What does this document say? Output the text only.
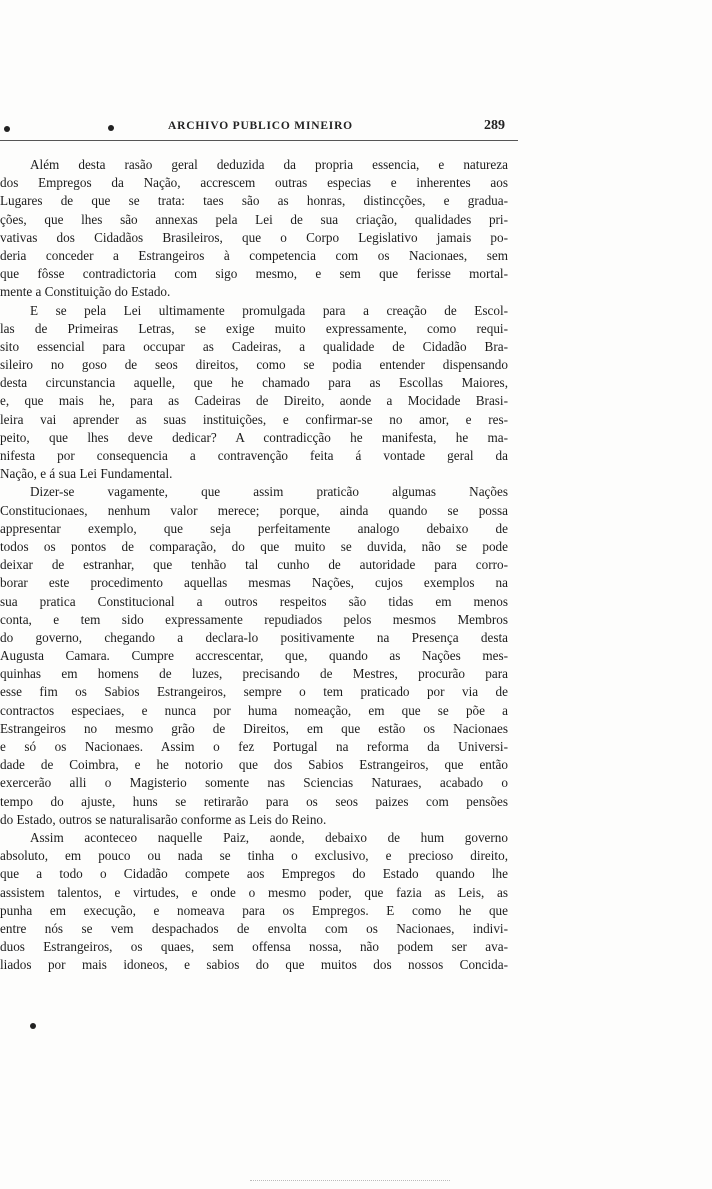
ARCHIVO PUBLICO MINEIRO	289
Além desta rasão geral deduzida da propria essencia, e natureza
dos Empregos da Nação, accrescem outras especias e inherentes aos
Lugares de que se trata: taes são as honras, distincções, e gradua-
ções, que lhes são annexas pela Lei de sua criação, qualidades pri-
vativas dos Cidadãos Brasileiros, que o Corpo Legislativo jamais po-
deria conceder a Estrangeiros à competencia com os Nacionaes, sem
que fôsse contradictoria com sigo mesmo, e sem que ferisse mortal-
mente a Constituição do Estado.
E se pela Lei ultimamente promulgada para a creação de Escol-
las de Primeiras Letras, se exige muito expressamente, como requi-
sito essencial para occupar as Cadeiras, a qualidade de Cidadão Bra-
sileiro no goso de seos direitos, como se podia entender dispensando
desta circunstancia aquelle, que he chamado para as Escollas Maiores,
e, que mais he, para as Cadeiras de Direito, aonde a Mocidade Brasi-
leira vai aprender as suas instituições, e confirmar-se no amor, e res-
peito, que lhes deve dedicar? A contradicção he manifesta, he ma-
nifesta por consequencia a contravenção feita á vontade geral da
Nação, e á sua Lei Fundamental.
Dizer-se vagamente, que assim praticão algumas Nações
Constitucionaes, nenhum valor merece; porque, ainda quando se possa
appresentar exemplo, que seja perfeitamente analogo debaixo de
todos os pontos de comparação, do que muito se duvida, não se pode
deixar de estranhar, que tenhão tal cunho de autoridade para corro-
borar este procedimento aquellas mesmas Nações, cujos exemplos na
sua pratica Constitucional a outros respeitos são tidas em menos
conta, e tem sido expressamente repudiados pelos mesmos Membros
do governo, chegando a declara-lo positivamente na Presença desta
Augusta Camara. Cumpre accrescentar, que, quando as Nações mes-
quinhas em homens de luzes, precisando de Mestres, procurão para
esse fim os Sabios Estrangeiros, sempre o tem praticado por via de
contractos especiaes, e nunca por huma nomeação, em que se põe a
Estrangeiros no mesmo grão de Direitos, em que estão os Nacionaes
e só os Nacionaes. Assim o fez Portugal na reforma da Universi-
dade de Coimbra, e he notorio que dos Sabios Estrangeiros, que então
exercerão alli o Magisterio somente nas Sciencias Naturaes, acabado o
tempo do ajuste, huns se retirarão para os seos paizes com pensões
do Estado, outros se naturalisarão conforme as Leis do Reino.
Assim aconteceo naquelle Paiz, aonde, debaixo de hum governo
absoluto, em pouco ou nada se tinha o exclusivo, e precioso direito,
que a todo o Cidadão compete aos Empregos do Estado quando lhe
assistem talentos, e virtudes, e onde o mesmo poder, que fazia as Leis, as
punha em execução, e nomeava para os Empregos. E como he que
entre nós se vem despachados de envolta com os Nacionaes, indivi-
duos Estrangeiros, os quaes, sem offensa nossa, não podem ser ava-
liados por mais idoneos, e sabios do que muitos dos nossos Concida-
